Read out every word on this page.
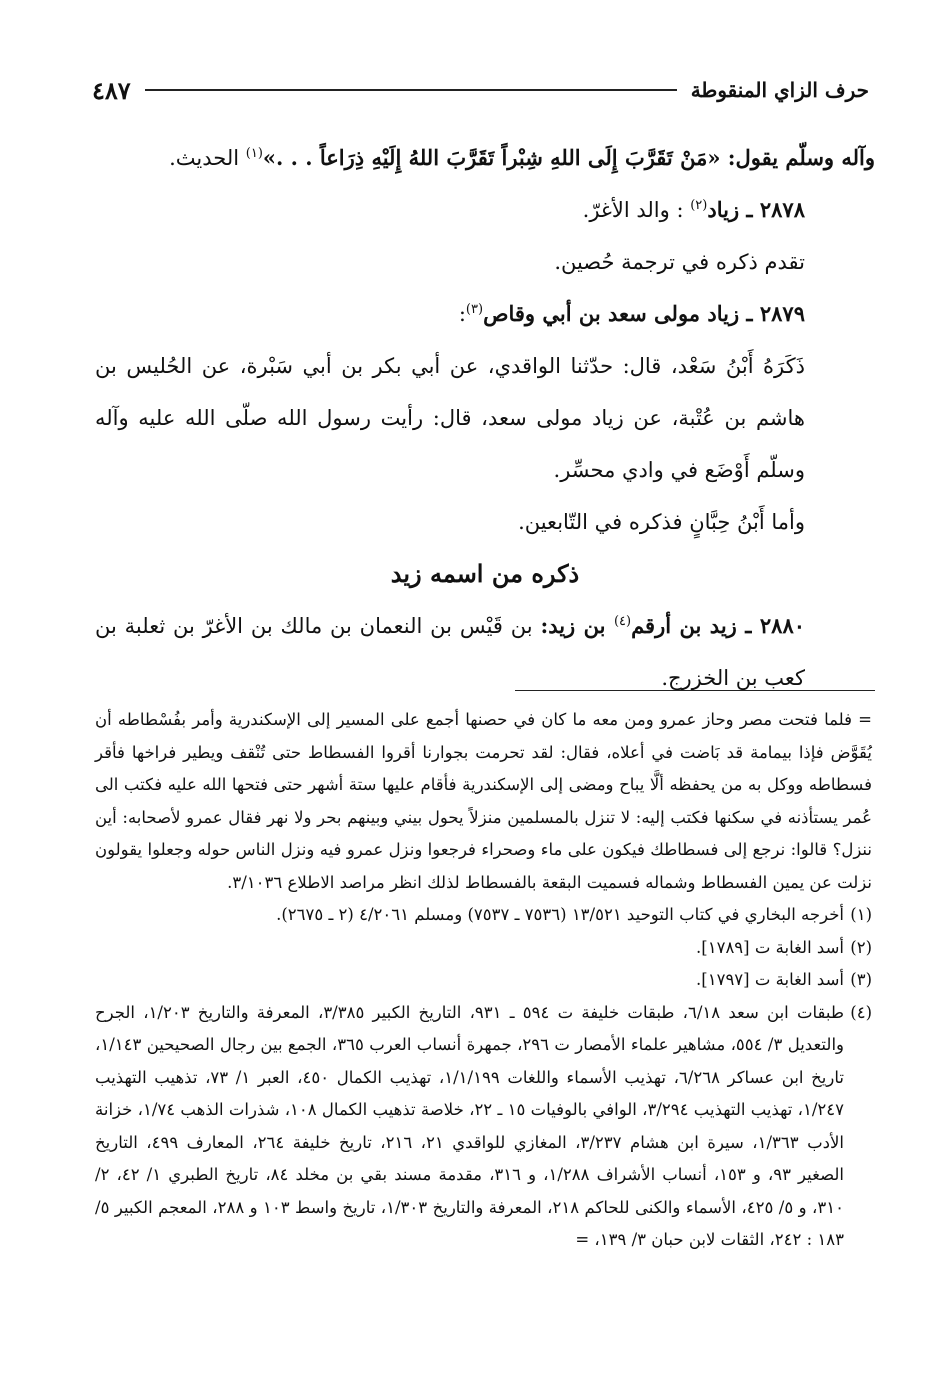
حرف الزاي المنقوطة
٤٨٧

وآله وسلّم يقول: «مَنْ تَقَرَّبَ إِلَى اللهِ شِبْراً تَقَرَّبَ اللهُ إِلَيْهِ ذِرَاعاً . . .»$^{(١)}$ الحديث.

٢٨٧٨ ـ زياد$^{(٢)}$ : والد الأغرّ.

تقدم ذكره في ترجمة حُصين.

٢٨٧٩ ـ زياد مولى سعد بن أبي وقاص$^{(٣)}$:

ذَكَرَهُ أَبْنُ سَعْد، قال: حدّثنا الواقدي، عن أبي بكر بن أبي سَبْرة، عن الحُليس بن هاشم بن عُتْبة، عن زياد مولى سعد، قال: رأيت رسول الله صلّى الله عليه وآله وسلّم أَوْضَع في وادي محسِّر.

وأما أَبْنُ حِبَّانٍ فذكره في التّابعين.

ذكره من اسمه زيد

٢٨٨٠ ـ زيد بن أرقم$^{(٤)}$ بن زيد: بن قَيْس بن النعمان بن مالك بن الأغرّ بن ثعلبة بن كعب بن الخزرج.

= فلما فتحت مصر وحاز عمرو ومن معه ما كان في حصنها أجمع على المسير إلى الإسكندرية وأمر بفُسْطاطه أن يُقَوَّض فإذا بيمامة قد بَاضت في أعلاه، فقال: لقد تحرمت بجوارنا أقروا الفسطاط حتى تُنْقف ويطير فراخها فأقر فسطاطه ووكل به من يحفظه ألَّا يباح ومضى إلى الإسكندرية فأقام عليها ستة أشهر حتى فتحها الله عليه فكتب الى عُمر يستأذنه في سكنها فكتب إليه: لا تنزل بالمسلمين منزلاً يحول بيني وبينهم بحر ولا نهر فقال عمرو لأصحابه: أين ننزل؟ قالوا: نرجع إلى فسطاطك فيكون على ماء وصحراء فرجعوا ونزل عمرو فيه ونزل الناس حوله وجعلوا يقولون نزلت عن يمين الفسطاط وشماله فسميت البقعة بالفسطاط لذلك انظر مراصد الاطلاع ٣/١٠٣٦.

(١)
أخرجه البخاري في كتاب التوحيد ١٣/٥٢١ (٧٥٣٦ ـ ٧٥٣٧) ومسلم ٤/٢٠٦١ (٢ ـ ٢٦٧٥).
(٢)
أسد الغابة ت [١٧٨٩].
(٣)
أسد الغابة ت [١٧٩٧].
(٤)
طبقات ابن سعد ٦/١٨، طبقات خليفة ت ٥٩٤ ـ ٩٣١، التاريخ الكبير ٣/٣٨٥، المعرفة والتاريخ ١/٢٠٣، الجرح والتعديل ٣/ ٥٥٤، مشاهير علماء الأمصار ت ٢٩٦، جمهرة أنساب العرب ٣٦٥، الجمع بين رجال الصحيحين ١/١٤٣، تاريخ ابن عساكر ٦/٢٦٨، تهذيب الأسماء واللغات ١/١/١٩٩، تهذيب الكمال ٤٥٠، العبر ١/ ٧٣، تذهيب التهذيب ١/٢٤٧، تهذيب التهذيب ٣/٢٩٤، الوافي بالوفيات ١٥ ـ ٢٢، خلاصة تذهيب الكمال ١٠٨، شذرات الذهب ١/٧٤، خزانة الأدب ١/٣٦٣، سيرة ابن هشام ٣/٢٣٧، المغازي للواقدي ٢١، ٢١٦، تاريخ خليفة ٢٦٤، المعارف ٤٩٩، التاريخ الصغير ٩٣، و ١٥٣، أنساب الأشراف ١/٢٨٨، و ٣١٦، مقدمة مسند بقي بن مخلد ٨٤، تاريخ الطبري ١/ ٤٢، ٢/ ٣١٠، و ٥/ ٤٢٥، الأسماء والكنى للحاكم ٢١٨، المعرفة والتاريخ ١/٣٠٣، تاريخ واسط ١٠٣ و ٢٨٨، المعجم الكبير ٥/ ١٨٣ : ٢٤٢، الثقات لابن حبان ٣/ ١٣٩، =
